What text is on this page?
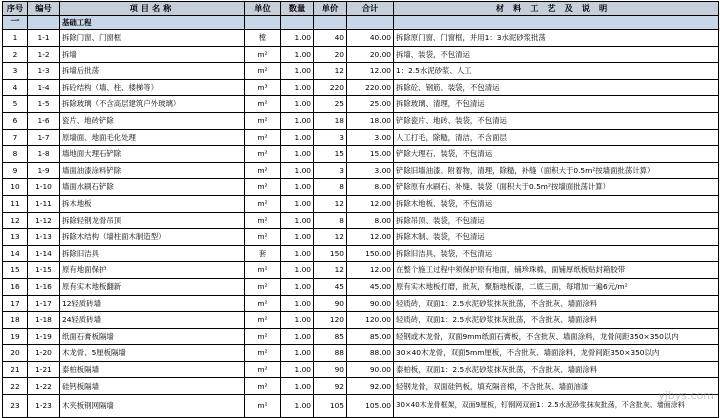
序号	编号	项目名称	单位	数量	单价	合计	材料工艺及说明
一		基础工程					
1	1-1	拆除门窗、门窗框	樘	1.00	40	40.00	拆除原门窗、门窗框，并用1：3水泥砂浆批荡
2	1-2	拆墙	m²	1.00	20	20.00	拆墙、装袋，不包清运
3	1-3	拆墙后批荡	m²	1.00	12	12.00	1：2.5水泥砂浆、人工
4	1-4	拆砼结构（墙、柱、楼梯等）	m³	1.00	220	220.00	拆除砼、钢筋、装袋，不包清运
5	1-5	拆除玻璃（不含高层建筑户外玻璃）	m²	1.00	25	25.00	拆除玻璃、清理，不包清运
6	1-6	瓷片、地砖铲除	m²	1.00	18	18.00	铲除瓷片、地砖、装袋，不包清运
7	1-7	原墙面、地面毛化处理	m²	1.00	3	3.00	人工打毛，除糙，清洁，不含面层
8	1-8	墙地面大理石铲除	m²	1.00	15	15.00	铲除大理石、装袋，不包清运
9	1-9	墙面油漆涂料铲除	m²	1.00	3	3.00	铲除旧墙油漆、附着物，清理，除糙，补缝（面积大于0.5m²按墙面批荡计算）
10	1-10	墙面水刷石铲除	m²	1.00	8	8.00	铲除原有水刷石、补缝、装袋（面积大于0.5m²按墙面批荡计算）
11	1-11	拆木地板	m²	1.00	12	12.00	拆除木地板、装袋，不包清运
12	1-12	拆除轻钢龙骨吊顶	m²	1.00	8	8.00	拆除吊顶、装袋，不包清运
13	1-13	拆除木结构（墙柱面木制造型）	m²	1.00	12	12.00	拆除木制、装袋，不包清运
14	1-14	拆除旧洁具	套	1.00	150	150.00	拆除旧洁具、装袋，不包清运
15	1-15	原有地面保护	m²	1.00	12	12.00	在整个施工过程中须保护原有地面，铺珍珠棉，面铺厚纸板贴封箱胶带
16	1-16	原有实木地板翻新	m²	1.00	45	45.00	原有实木地板打磨，批灰，聚脂地板漆，二底三面，每增加一遍6元/m²
17	1-17	12轻质砖墙	m²	1.00	90	90.00	轻质砖，双面1：2.5水泥砂浆抹灰批荡，不含批灰、墙面涂料
18	1-18	24轻质砖墙	m²	1.00	120	120.00	轻质砖，双面1：2.5水泥砂浆抹灰批荡，不含批灰、墙面涂料
19	1-19	纸面石膏板隔墙	m²	1.00	85	85.00	轻钢或木龙骨，双面9mm纸面石膏板，不含批灰、墙面涂料，龙骨间距350×350以内
20	1-20	木龙骨、5厘板隔墙	m²	1.00	88	88.00	30×40木龙骨，双面5mm厘板，不含批灰、墙面涂料，龙骨间距350×350以内
21	1-21	泰柏板隔墙	m²	1.00	90	90.00	泰柏板，双面1：2.5水泥砂浆抹灰批荡，不含批灰、墙面涂料
22	1-22	硅钙板隔墙	m²	1.00	92	92.00	轻钢龙骨，双面硅钙板，填充隔音棉，不含批灰、墙面油漆
23	1-23	木夹板钢网隔墙	m²	1.00	105	105.00	30×40木龙骨框架，双面9厘板，钉钢网双面1：2.5水泥砂浆抹灰批荡，不含批灰、墙面涂料
yjbys.com
